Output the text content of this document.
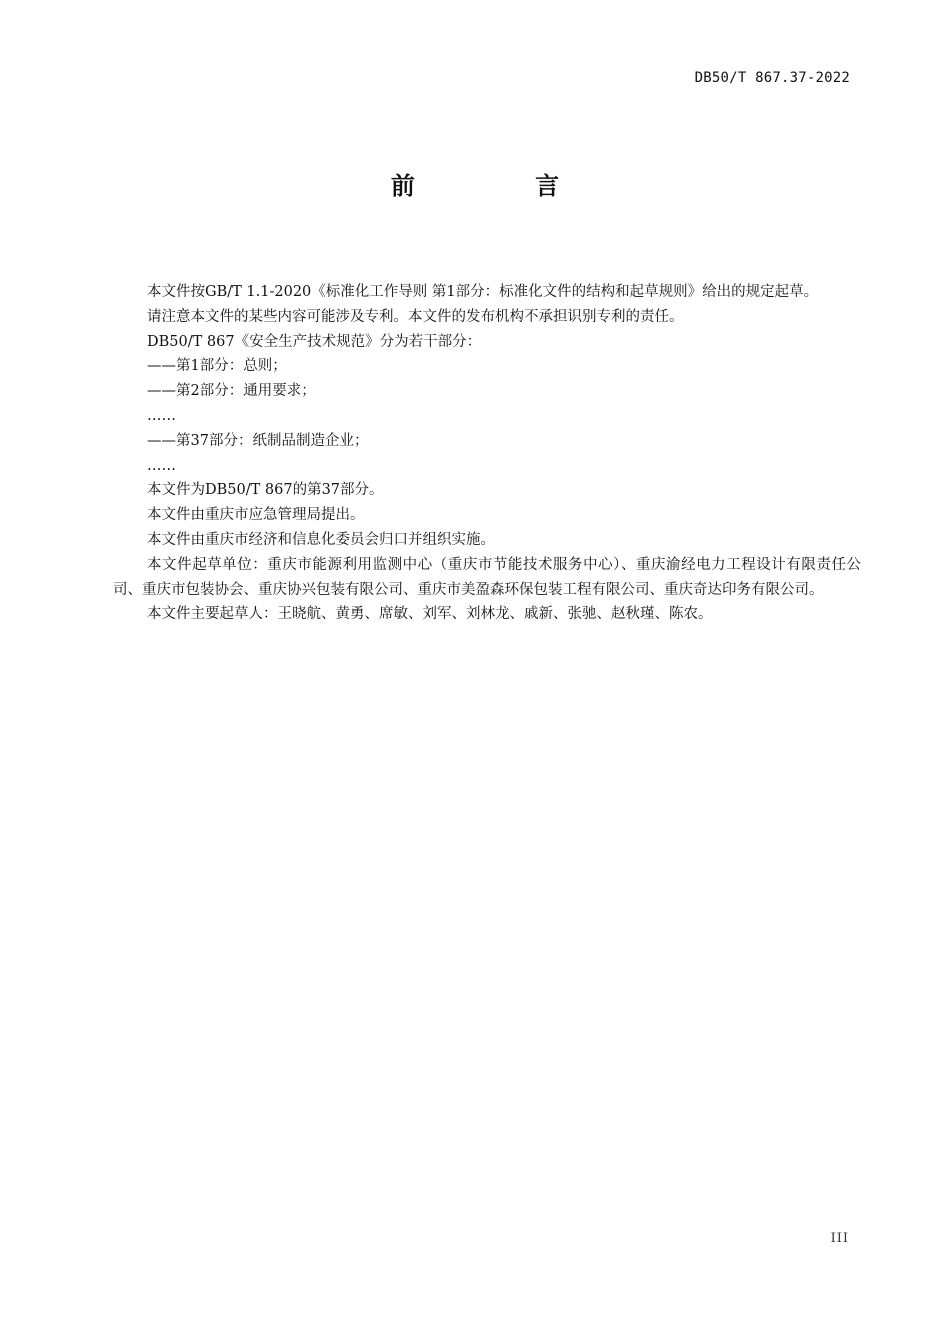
DB50/T 867.37-2022
前 言

本文件按GB/T 1.1-2020《标准化工作导则 第1部分：标准化文件的结构和起草规则》给出的规定起草。

请注意本文件的某些内容可能涉及专利。本文件的发布机构不承担识别专利的责任。

DB50/T 867《安全生产技术规范》分为若干部分：

——第1部分：总则；

——第2部分：通用要求；

……

——第37部分：纸制品制造企业；

……

本文件为DB50/T 867的第37部分。

本文件由重庆市应急管理局提出。

本文件由重庆市经济和信息化委员会归口并组织实施。

本文件起草单位：重庆市能源利用监测中心（重庆市节能技术服务中心）、重庆渝经电力工程设计有限责任公司、重庆市包装协会、重庆协兴包装有限公司、重庆市美盈森环保包装工程有限公司、重庆奇达印务有限公司。

本文件主要起草人：王晓航、黄勇、席敏、刘军、刘林龙、戚新、张驰、赵秋瑾、陈农。

III
